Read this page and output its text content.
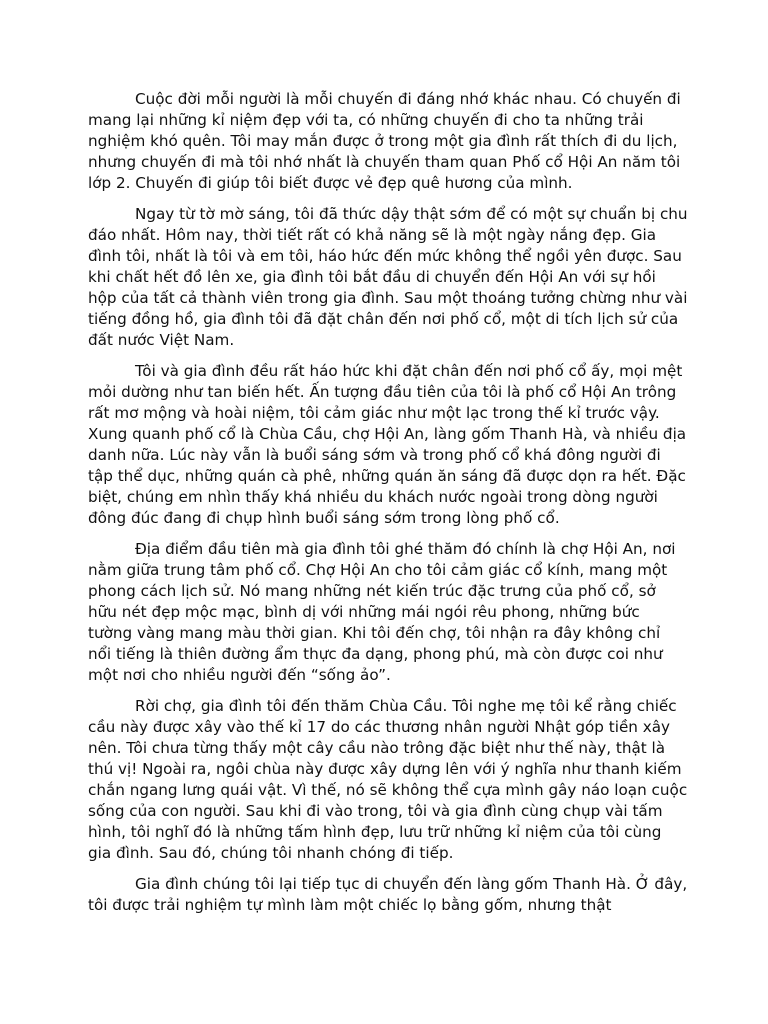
Cuộc đời mỗi người là mỗi chuyến đi đáng nhớ khác nhau. Có chuyến đi mang lại những kỉ niệm đẹp với ta, có những chuyến đi cho ta những trải nghiệm khó quên. Tôi may mắn được ở trong một gia đình rất thích đi du lịch, nhưng chuyến đi mà tôi nhớ nhất là chuyến tham quan Phố cổ Hội An năm tôi lớp 2. Chuyến đi giúp tôi biết được vẻ đẹp quê hương của mình.

Ngay từ tờ mờ sáng, tôi đã thức dậy thật sớm để có một sự chuẩn bị chu đáo nhất. Hôm nay, thời tiết rất có khả năng sẽ là một ngày nắng đẹp. Gia đình tôi, nhất là tôi và em tôi, háo hức đến mức không thể ngồi yên được. Sau khi chất hết đồ lên xe, gia đình tôi bắt đầu di chuyển đến Hội An với sự hồi hộp của tất cả thành viên trong gia đình. Sau một thoáng tưởng chừng như vài tiếng đồng hồ, gia đình tôi đã đặt chân đến nơi phố cổ, một di tích lịch sử của đất nước Việt Nam.

Tôi và gia đình đều rất háo hức khi đặt chân đến nơi phố cổ ấy, mọi mệt mỏi dường như tan biến hết. Ấn tượng đầu tiên của tôi là phố cổ Hội An trông rất mơ mộng và hoài niệm, tôi cảm giác như một lạc trong thế kỉ trước vậy. Xung quanh phố cổ là Chùa Cầu, chợ Hội An, làng gốm Thanh Hà, và nhiều địa danh nữa. Lúc này vẫn là buổi sáng sớm và trong phố cổ khá đông người đi tập thể dục, những quán cà phê, những quán ăn sáng đã được dọn ra hết. Đặc biệt, chúng em nhìn thấy khá nhiều du khách nước ngoài trong dòng người đông đúc đang đi chụp hình buổi sáng sớm trong lòng phố cổ.

Địa điểm đầu tiên mà gia đình tôi ghé thăm đó chính là chợ Hội An, nơi nằm giữa trung tâm phố cổ. Chợ Hội An cho tôi cảm giác cổ kính, mang một phong cách lịch sử. Nó mang những nét kiến trúc đặc trưng của phố cổ, sở hữu nét đẹp mộc mạc, bình dị với những mái ngói rêu phong, những bức tường vàng mang màu thời gian. Khi tôi đến chợ, tôi nhận ra đây không chỉ nổi tiếng là thiên đường ẩm thực đa dạng, phong phú, mà còn được coi như một nơi cho nhiều người đến “sống ảo”.

Rời chợ, gia đình tôi đến thăm Chùa Cầu. Tôi nghe mẹ tôi kể rằng chiếc cầu này được xây vào thế kỉ 17 do các thương nhân người Nhật góp tiền xây nên. Tôi chưa từng thấy một cây cầu nào trông đặc biệt như thế này, thật là thú vị! Ngoài ra, ngôi chùa này được xây dựng lên với ý nghĩa như thanh kiếm chắn ngang lưng quái vật. Vì thế, nó sẽ không thể cựa mình gây náo loạn cuộc sống của con người. Sau khi đi vào trong, tôi và gia đình cùng chụp vài tấm hình, tôi nghĩ đó là những tấm hình đẹp, lưu trữ những kỉ niệm của tôi cùng gia đình. Sau đó, chúng tôi nhanh chóng đi tiếp.

Gia đình chúng tôi lại tiếp tục di chuyển đến làng gốm Thanh Hà. Ở đây, tôi được trải nghiệm tự mình làm một chiếc lọ bằng gốm, nhưng thật
